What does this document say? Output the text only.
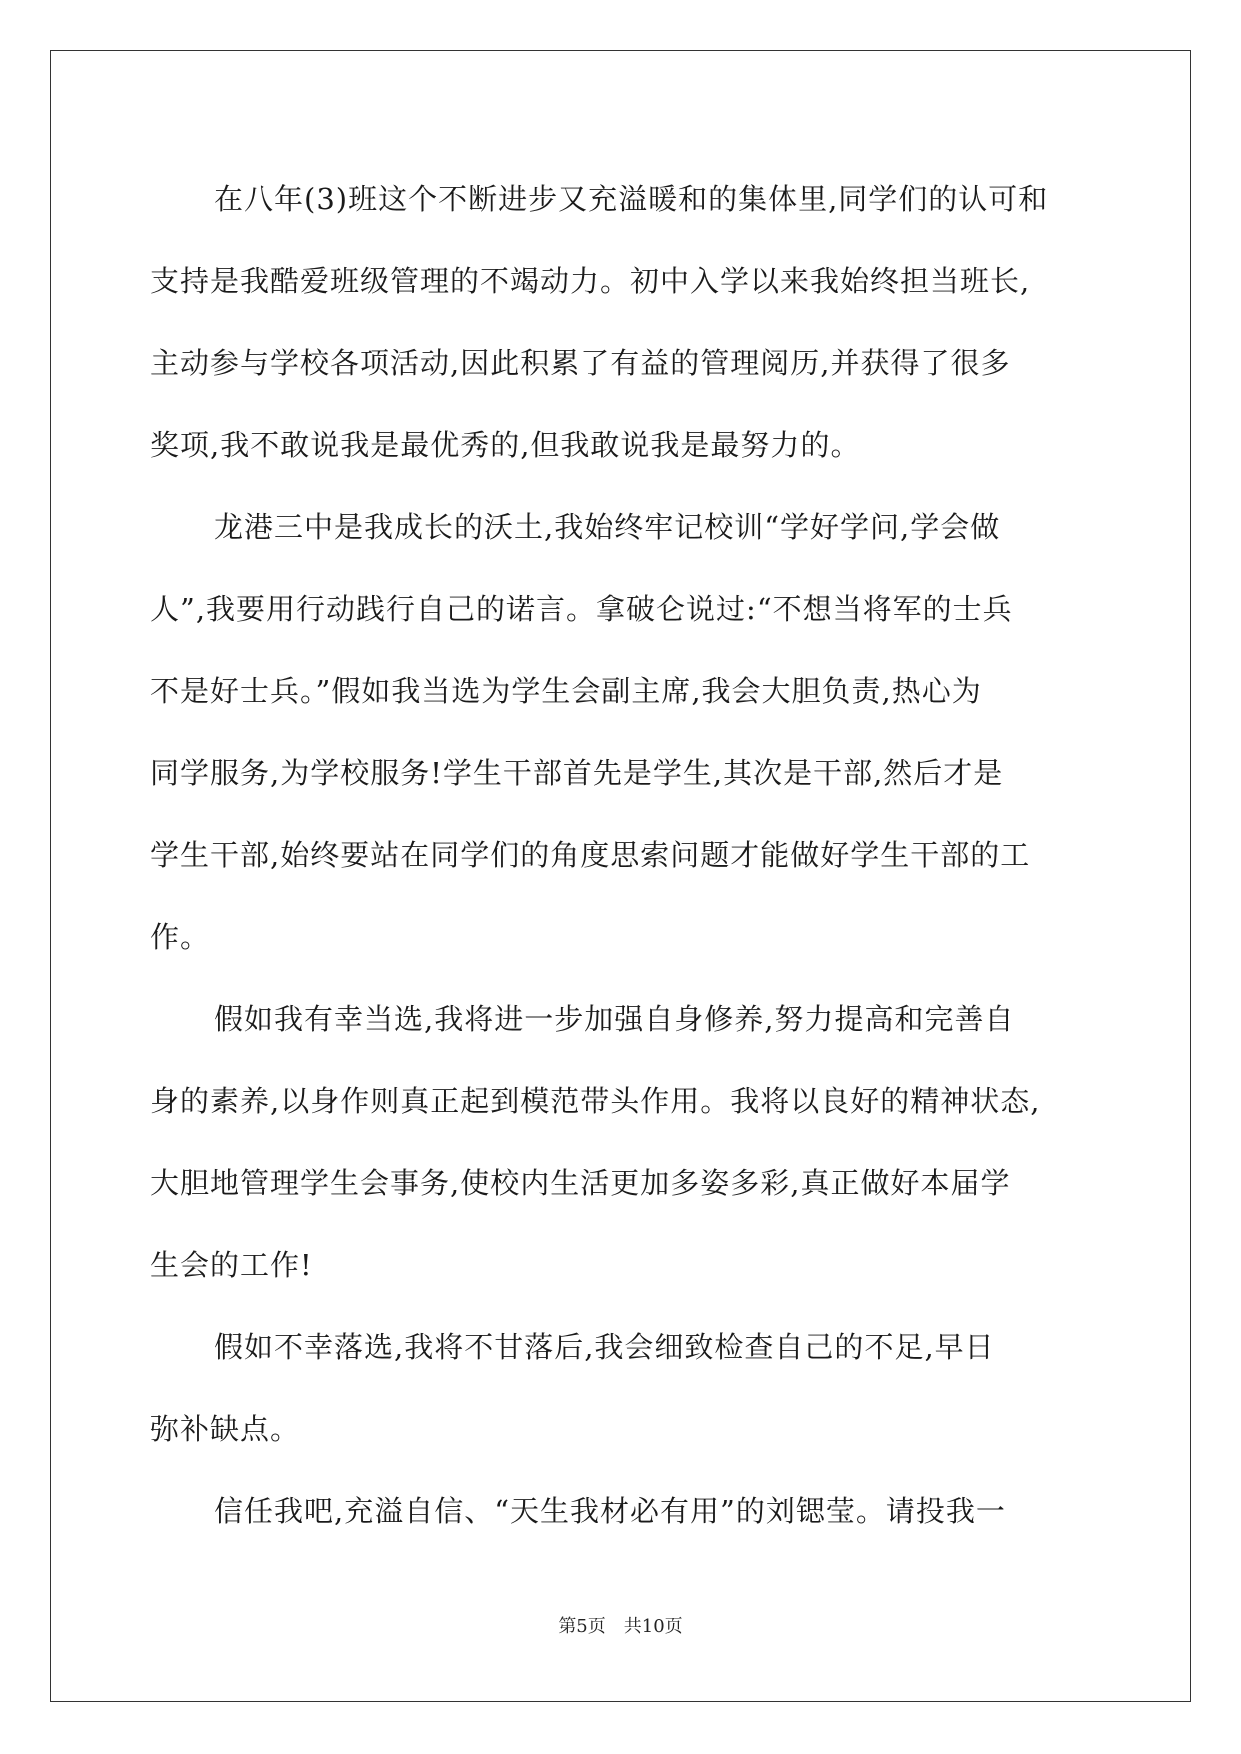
在八年(3)班这个不断进步又充溢暖和的集体里,同学们的认可和
支持是我酷爱班级管理的不竭动力。初中入学以来我始终担当班长,
主动参与学校各项活动,因此积累了有益的管理阅历,并获得了很多
奖项,我不敢说我是最优秀的,但我敢说我是最努力的。

龙港三中是我成长的沃土,我始终牢记校训“学好学问,学会做
人”,我要用行动践行自己的诺言。拿破仑说过:“不想当将军的士兵
不是好士兵。”假如我当选为学生会副主席,我会大胆负责,热心为
同学服务,为学校服务!学生干部首先是学生,其次是干部,然后才是
学生干部,始终要站在同学们的角度思索问题才能做好学生干部的工
作。

假如我有幸当选,我将进一步加强自身修养,努力提高和完善自
身的素养,以身作则真正起到模范带头作用。我将以良好的精神状态,
大胆地管理学生会事务,使校内生活更加多姿多彩,真正做好本届学
生会的工作!

假如不幸落选,我将不甘落后,我会细致检查自己的不足,早日
弥补缺点。

信任我吧,充溢自信、“天生我材必有用”的刘锶莹。请投我一

第5页 共10页
